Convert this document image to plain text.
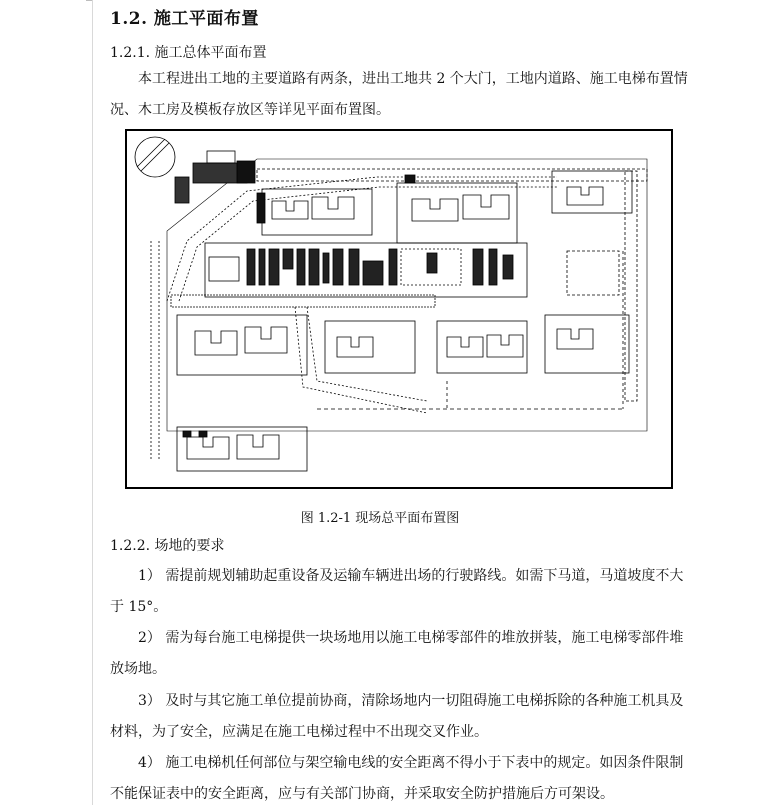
1.2. 施工平面布置
1.2.1. 施工总体平面布置

本工程进出工地的主要道路有两条，进出工地共 2 个大门，工地内道路、施工电梯布置情况、木工房及模板存放区等详见平面布置图。

图 1.2-1 现场总平面布置图
1.2.2. 场地的要求

1） 需提前规划辅助起重设备及运输车辆进出场的行驶路线。如需下马道，马道坡度不大于 15°。

2） 需为每台施工电梯提供一块场地用以施工电梯零部件的堆放拼装，施工电梯零部件堆放场地。

3） 及时与其它施工单位提前协商，清除场地内一切阻碍施工电梯拆除的各种施工机具及材料，为了安全，应满足在施工电梯过程中不出现交叉作业。

4） 施工电梯机任何部位与架空输电线的安全距离不得小于下表中的规定。如因条件限制不能保证表中的安全距离，应与有关部门协商，并采取安全防护措施后方可架设。
